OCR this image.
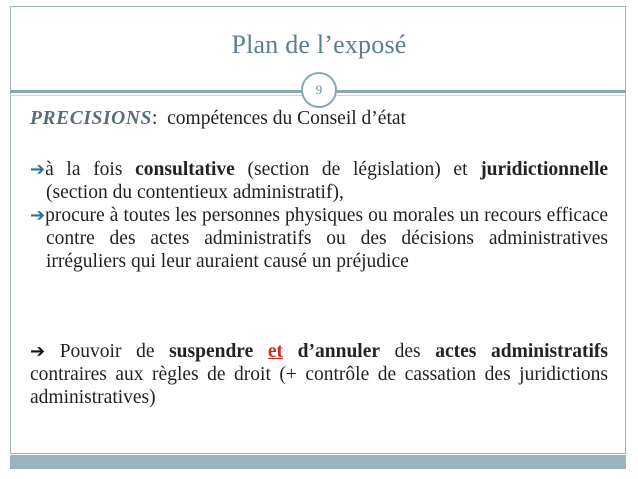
Plan de l’exposé
9
PRECISIONS: compétences du Conseil d’état
➔à la fois consultative (section de législation) et juridictionnelle (section du contentieux administratif),
➔procure à toutes les personnes physiques ou morales un recours efficace contre des actes administratifs ou des décisions administratives irréguliers qui leur auraient causé un préjudice
➔ Pouvoir de suspendre et d’annuler des actes administratifs contraires aux règles de droit (+ contrôle de cassation des juridictions administratives)
